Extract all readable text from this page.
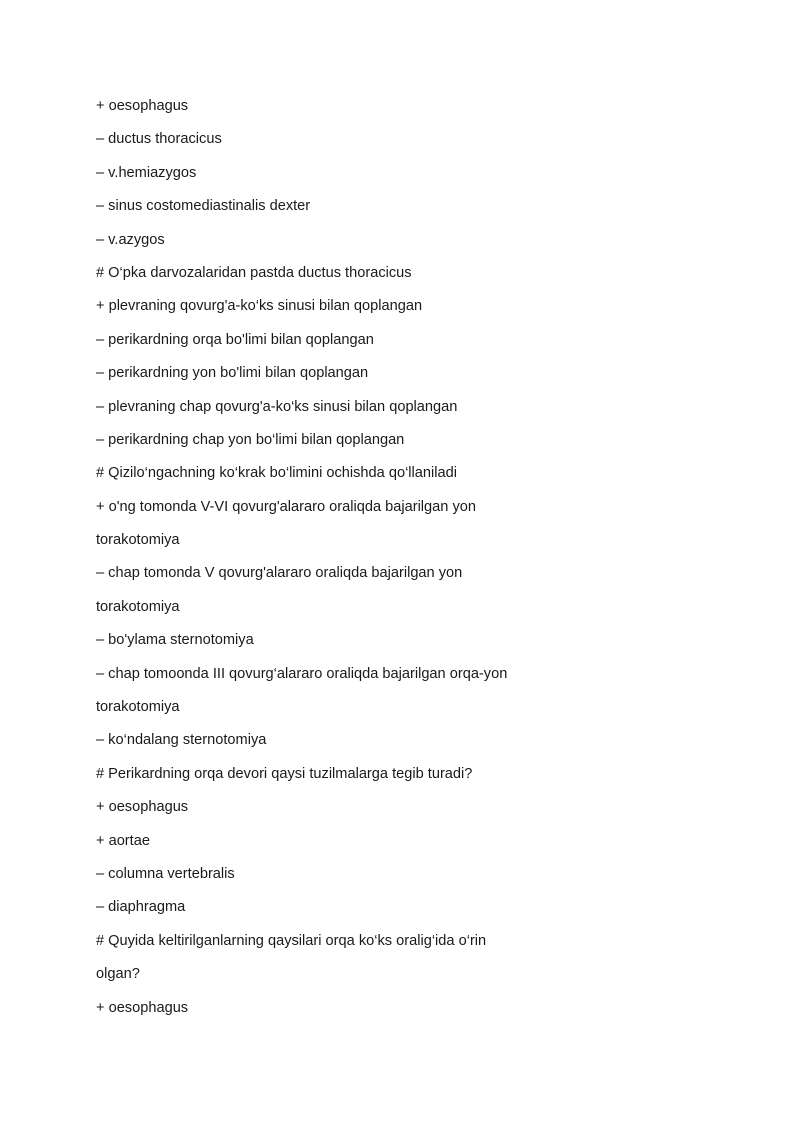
+ oesophagus
– ductus thoracicus
– v.hemiazygos
– sinus costomediastinalis dexter
– v.azygos
# O‘pka darvozalaridan pastda ductus thoracicus
+ plevraning qovurg'a-ko‘ks sinusi bilan qoplangan
– perikardning orqa bo'limi bilan qoplangan
– perikardning yon bo'limi bilan qoplangan
– plevraning chap qovurg'a-ko‘ks sinusi bilan qoplangan
– perikardning chap yon bo‘limi bilan qoplangan
# Qizilo‘ngachning ko‘krak bo‘limini ochishda qo‘llaniladi
+ o'ng tomonda V-VI qovurg'alararo oraliqda bajarilgan yon
torakotomiya
– chap tomonda V qovurg'alararo oraliqda bajarilgan yon
torakotomiya
– bo'ylama sternotomiya
– chap tomoonda III qovurg‘alararo oraliqda bajarilgan orqa-yon
torakotomiya
– ko‘ndalang sternotomiya
# Perikardning orqa devori qaysi tuzilmalarga tegib turadi?
+ oesophagus
+ aortae
– columna vertebralis
– diaphragma
# Quyida keltirilganlarning qaysilari orqa ko‘ks oralig‘ida o‘rin
olgan?
+ oesophagus
